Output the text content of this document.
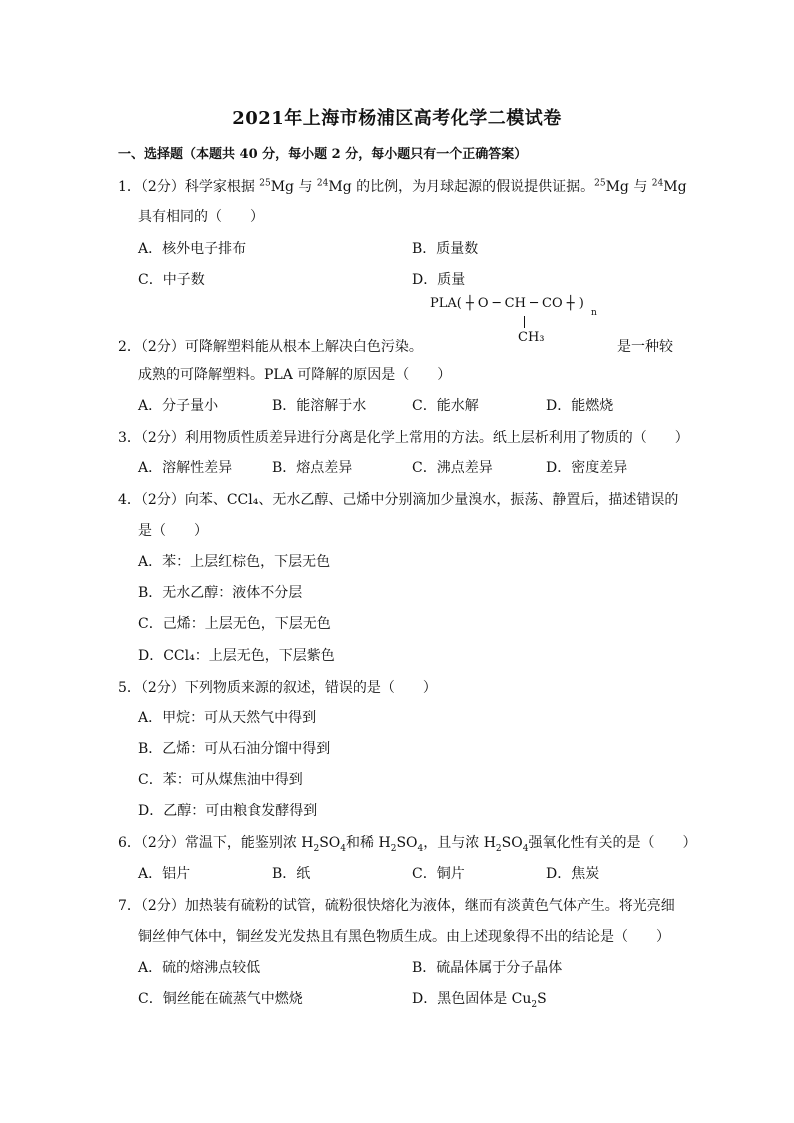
2021年上海市杨浦区高考化学二模试卷
一、选择题（本题共 40 分，每小题 2 分，每小题只有一个正确答案）
1．（2分）科学家根据 $^{25}$Mg 与 $^{24}$Mg 的比例，为月球起源的假说提供证据。$^{25}$Mg 与 $^{24}$Mg
具有相同的（　　）
A．核外电子排布	B．质量数
C．中子数	D．质量
PLA( ┼ O ─ CH ─ CO ┼ )
n
CH₃
2．（2分）可降解塑料能从根本上解决白色污染。	是一种较
成熟的可降解塑料。PLA 可降解的原因是（　　）
A．分子量小	B．能溶解于水	C．能水解	D．能燃烧
3．（2分）利用物质性质差异进行分离是化学上常用的方法。纸上层析利用了物质的（　　）
A．溶解性差异	B．熔点差异	C．沸点差异	D．密度差异
4．（2分）向苯、CCl₄、无水乙醇、己烯中分别滴加少量溴水，振荡、静置后，描述错误的
是（　　）
A．苯：上层红棕色，下层无色
B．无水乙醇：液体不分层
C．己烯：上层无色，下层无色
D．CCl₄：上层无色，下层紫色
5．（2分）下列物质来源的叙述，错误的是（　　）
A．甲烷：可从天然气中得到
B．乙烯：可从石油分馏中得到
C．苯：可从煤焦油中得到
D．乙醇：可由粮食发酵得到
6．（2分）常温下，能鉴别浓 $H_2SO_4$和稀 $H_2SO_4$，且与浓 $H_2SO_4$强氧化性有关的是（　　）
A．铝片	B．纸	C．铜片	D．焦炭
7．（2分）加热装有硫粉的试管，硫粉很快熔化为液体，继而有淡黄色气体产生。将光亮细
铜丝伸气体中，铜丝发光发热且有黑色物质生成。由上述现象得不出的结论是（　　）
A．硫的熔沸点较低	B．硫晶体属于分子晶体
C．铜丝能在硫蒸气中燃烧	D．黑色固体是 $Cu_2S$
